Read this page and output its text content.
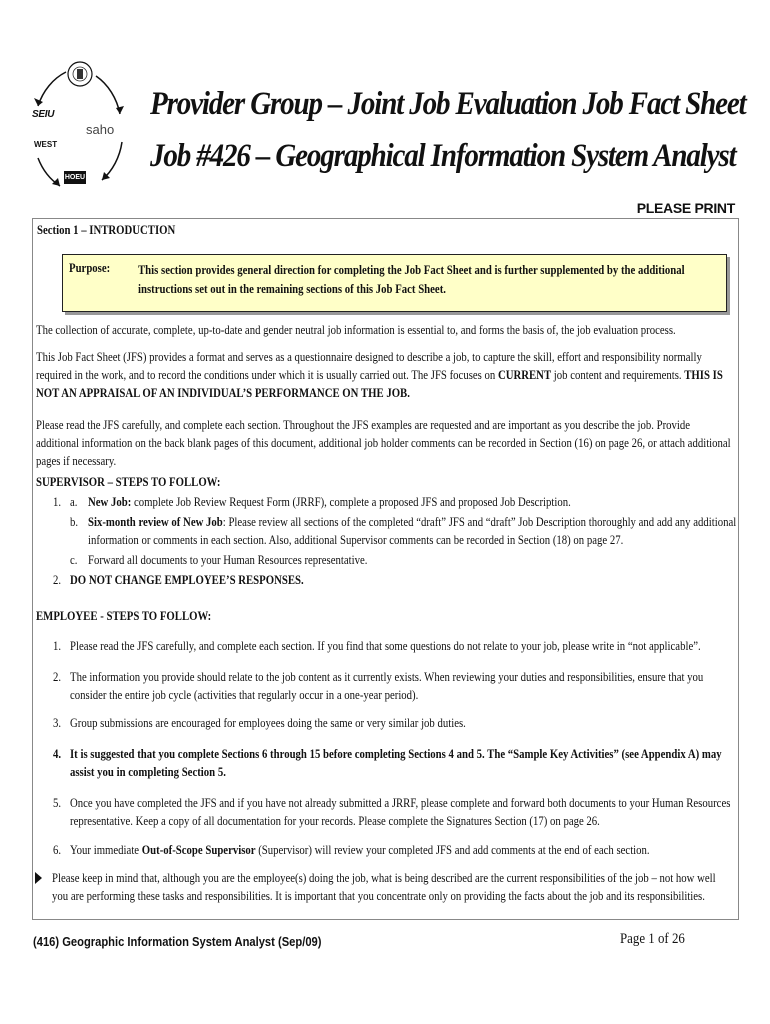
SEIU
WEST
saho
HOEU
Provider Group – Joint Job Evaluation Job Fact Sheet
Job #426 – Geographical Information System Analyst
PLEASE PRINT
Section 1 – INTRODUCTION
Purpose: This section provides general direction for completing the Job Fact Sheet and is further supplemented by the additional instructions set out in the remaining sections of this Job Fact Sheet.
The collection of accurate, complete, up-to-date and gender neutral job information is essential to, and forms the basis of, the job evaluation process.
This Job Fact Sheet (JFS) provides a format and serves as a questionnaire designed to describe a job, to capture the skill, effort and responsibility normally required in the work, and to record the conditions under which it is usually carried out. The JFS focuses on CURRENT job content and requirements. THIS IS NOT AN APPRAISAL OF AN INDIVIDUAL’S PERFORMANCE ON THE JOB.
Please read the JFS carefully, and complete each section. Throughout the JFS examples are requested and are important as you describe the job. Provide additional information on the back blank pages of this document, additional job holder comments can be recorded in Section (16) on page 26, or attach additional pages if necessary.
SUPERVISOR – STEPS TO FOLLOW:
1. a. New Job: complete Job Review Request Form (JRRF), complete a proposed JFS and proposed Job Description.
b. Six-month review of New Job: Please review all sections of the completed “draft” JFS and “draft” Job Description thoroughly and add any additional information or comments in each section. Also, additional Supervisor comments can be recorded in Section (18) on page 27.
c. Forward all documents to your Human Resources representative.
2. DO NOT CHANGE EMPLOYEE’S RESPONSES.
EMPLOYEE - STEPS TO FOLLOW:
1. Please read the JFS carefully, and complete each section. If you find that some questions do not relate to your job, please write in “not applicable”.
2. The information you provide should relate to the job content as it currently exists. When reviewing your duties and responsibilities, ensure that you consider the entire job cycle (activities that regularly occur in a one-year period).
3. Group submissions are encouraged for employees doing the same or very similar job duties.
4. It is suggested that you complete Sections 6 through 15 before completing Sections 4 and 5. The “Sample Key Activities” (see Appendix A) may assist you in completing Section 5.
5. Once you have completed the JFS and if you have not already submitted a JRRF, please complete and forward both documents to your Human Resources representative. Keep a copy of all documentation for your records. Please complete the Signatures Section (17) on page 26.
6. Your immediate Out-of-Scope Supervisor (Supervisor) will review your completed JFS and add comments at the end of each section.
Please keep in mind that, although you are the employee(s) doing the job, what is being described are the current responsibilities of the job – not how well you are performing these tasks and responsibilities. It is important that you concentrate only on providing the facts about the job and its responsibilities.
(416) Geographic Information System Analyst (Sep/09)	Page 1 of 26
